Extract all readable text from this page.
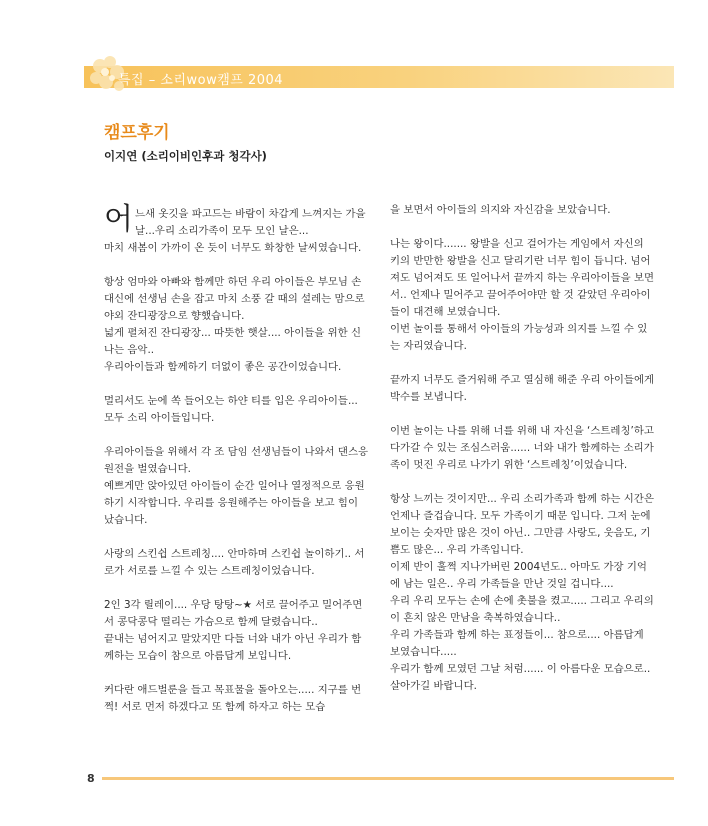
특집 – 소리wow캠프 2004
캠프후기
이지연 (소리이비인후과 청각사)

어느새 옷깃을 파고드는 바람이 차갑게 느껴지는 가을날...우리 소리가족이 모두 모인 날은...

마치 새봄이 가까이 온 듯이 너무도 화창한 날씨였습니다.

항상 엄마와 아빠와 함께만 하던 우리 아이들은 부모님 손 대신에 선생님 손을 잡고 마치 소풍 갈 때의 설레는 맘으로 야외 잔디광장으로 향했습니다.

넓게 펼쳐진 잔디광장... 따뜻한 햇살.... 아이들을 위한 신나는 음악..

우리아이들과 함께하기 더없이 좋은 공간이었습니다.

멀리서도 눈에 쏙 들어오는 하얀 티를 입은 우리아이들... 모두 소리 아이들입니다.

우리아이들을 위해서 각 조 담임 선생님들이 나와서 댄스응원전을 벌였습니다.

예쁘게만 앉아있던 아이들이 순간 일어나 열정적으로 응원하기 시작합니다. 우리를 응원해주는 아이들을 보고 힘이 났습니다.

사랑의 스킨쉽 스트레칭.... 안마하며 스킨쉽 놀이하기.. 서로가 서로를 느낄 수 있는 스트레칭이었습니다.

2인 3각 릴레이.... 우당 탕탕~★ 서로 끌어주고 밀어주면서 콩닥콩닥 떨리는 가슴으로 함께 달렸습니다..

끝내는 넘어지고 말았지만 다들 너와 내가 아닌 우리가 함께하는 모습이 참으로 아름답게 보입니다.

커다란 애드벌룬을 들고 목표물을 돌아오는..... 지구를 번쩍! 서로 먼저 하겠다고 또 함께 하자고 하는 모습

을 보면서 아이들의 의지와 자신감을 보았습니다.

나는 왕이다....... 왕발을 신고 걸어가는 게임에서 자신의 키의 반만한 왕발을 신고 달리기란 너무 힘이 듭니다. 넘어져도 넘어져도 또 일어나서 끝까지 하는 우리아이들을 보면서.. 언제나 밀어주고 끌어주어야만 할 것 같았던 우리아이들이 대견해 보였습니다.

이번 놀이를 통해서 아이들의 가능성과 의지를 느낄 수 있는 자리였습니다.

끝까지 너무도 즐거워해 주고 열심해 해준 우리 아이들에게 박수를 보냅니다.

이번 놀이는 나를 위해 너를 위해 내 자신을 ‘스트레칭’하고 다가갈 수 있는 조심스러움...... 너와 내가 함께하는 소리가족이 멋진 우리로 나가기 위한 ‘스트레칭’이었습니다.

항상 느끼는 것이지만... 우리 소리가족과 함께 하는 시간은 언제나 즐겁습니다. 모두 가족이기 때문 입니다. 그저 눈에 보이는 숫자만 많은 것이 아닌.. 그만큼 사랑도, 웃음도, 기쁨도 많은... 우리 가족입니다.

이제 반이 훌쩍 지나가버린 2004년도.. 아마도 가장 기억에 남는 일은.. 우리 가족들을 만난 것일 겁니다....

우리 우리 모두는 손에 손에 촛불을 켰고..... 그리고 우리의 이 흔치 않은 만남을 축복하였습니다..

우리 가족들과 함께 하는 표정들이... 참으로.... 아름답게 보였습니다.....

우리가 함께 모였던 그날 처럼...... 이 아름다운 모습으로..살아가길 바랍니다.

8
